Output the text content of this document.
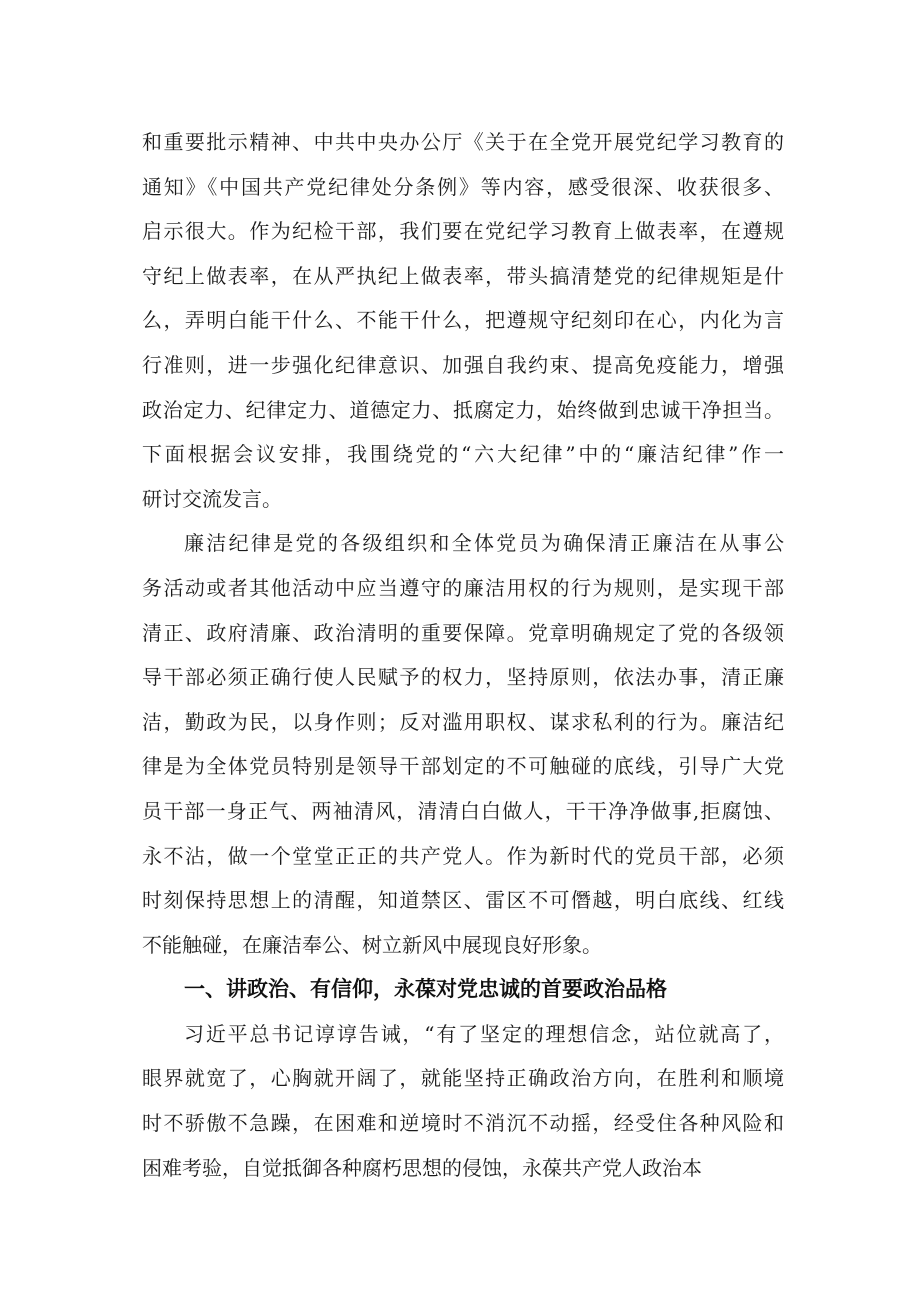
和重要批示精神、中共中央办公厅《关于在全党开展党纪学习教育的
通知》《中国共产党纪律处分条例》等内容，感受很深、收获很多、
启示很大。作为纪检干部，我们要在党纪学习教育上做表率，在遵规
守纪上做表率，在从严执纪上做表率，带头搞清楚党的纪律规矩是什
么，弄明白能干什么、不能干什么，把遵规守纪刻印在心，内化为言
行准则，进一步强化纪律意识、加强自我约束、提高免疫能力，增强
政治定力、纪律定力、道德定力、抵腐定力，始终做到忠诚干净担当。
下面根据会议安排，我围绕党的“六大纪律”中的“廉洁纪律”作一
研讨交流发言。
廉洁纪律是党的各级组织和全体党员为确保清正廉洁在从事公
务活动或者其他活动中应当遵守的廉洁用权的行为规则，是实现干部
清正、政府清廉、政治清明的重要保障。党章明确规定了党的各级领
导干部必须正确行使人民赋予的权力，坚持原则，依法办事，清正廉
洁，勤政为民，以身作则；反对滥用职权、谋求私利的行为。廉洁纪
律是为全体党员特别是领导干部划定的不可触碰的底线，引导广大党
员干部一身正气、两袖清风，清清白白做人，干干净净做事,拒腐蚀、
永不沾，做一个堂堂正正的共产党人。作为新时代的党员干部，必须
时刻保持思想上的清醒，知道禁区、雷区不可僭越，明白底线、红线
不能触碰，在廉洁奉公、树立新风中展现良好形象。
一、讲政治、有信仰，永葆对党忠诚的首要政治品格
习近平总书记谆谆告诫，“有了坚定的理想信念，站位就高了，
眼界就宽了，心胸就开阔了，就能坚持正确政治方向，在胜利和顺境
时不骄傲不急躁，在困难和逆境时不消沉不动摇，经受住各种风险和
困难考验，自觉抵御各种腐朽思想的侵蚀，永葆共产党人政治本
